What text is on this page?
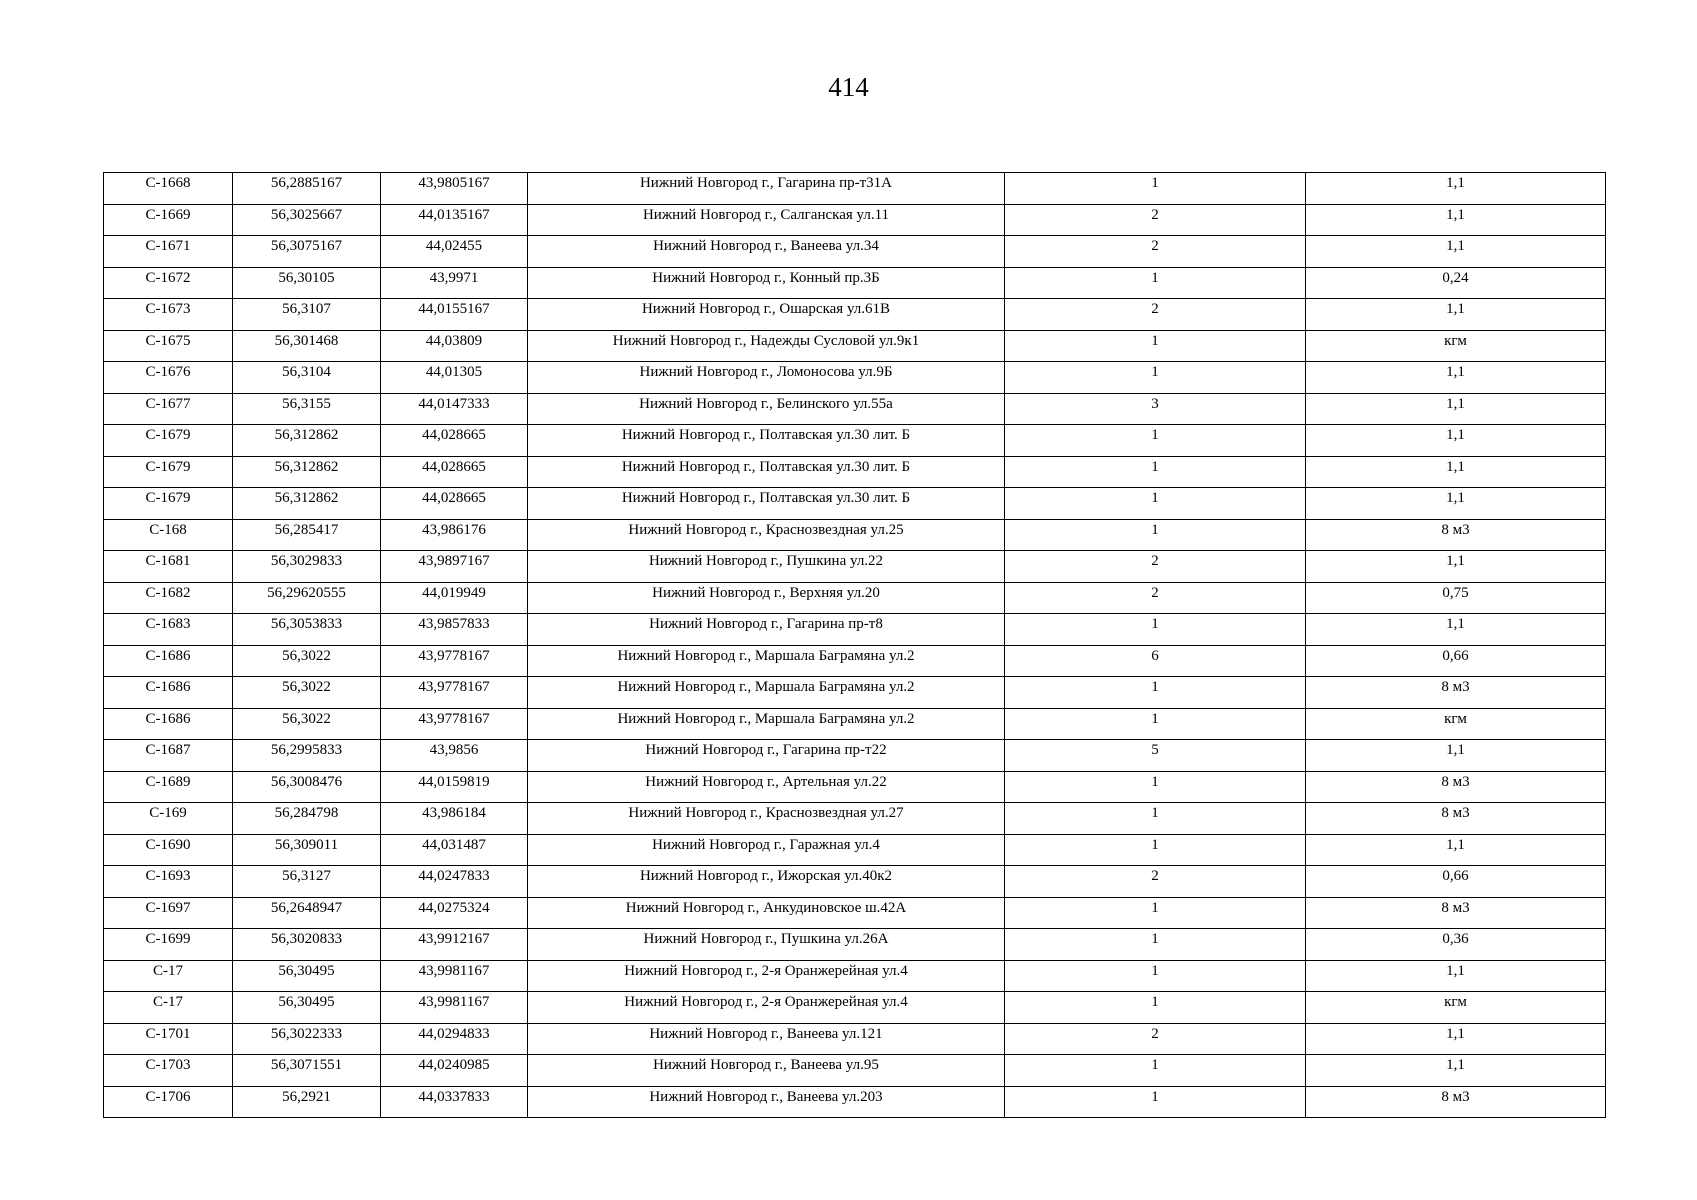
414
С-1668	56,2885167	43,9805167	Нижний Новгород г., Гагарина пр-т31А	1	1,1
С-1669	56,3025667	44,0135167	Нижний Новгород г., Салганская ул.11	2	1,1
С-1671	56,3075167	44,02455	Нижний Новгород г., Ванеева ул.34	2	1,1
С-1672	56,30105	43,9971	Нижний Новгород г., Конный пр.3Б	1	0,24
С-1673	56,3107	44,0155167	Нижний Новгород г., Ошарская ул.61В	2	1,1
С-1675	56,301468	44,03809	Нижний Новгород г., Надежды Сусловой ул.9к1	1	кгм
С-1676	56,3104	44,01305	Нижний Новгород г., Ломоносова ул.9Б	1	1,1
С-1677	56,3155	44,0147333	Нижний Новгород г., Белинского ул.55а	3	1,1
С-1679	56,312862	44,028665	Нижний Новгород г., Полтавская ул.30 лит. Б	1	1,1
С-1679	56,312862	44,028665	Нижний Новгород г., Полтавская ул.30 лит. Б	1	1,1
С-1679	56,312862	44,028665	Нижний Новгород г., Полтавская ул.30 лит. Б	1	1,1
С-168	56,285417	43,986176	Нижний Новгород г., Краснозвездная ул.25	1	8 м3
С-1681	56,3029833	43,9897167	Нижний Новгород г., Пушкина ул.22	2	1,1
С-1682	56,29620555	44,019949	Нижний Новгород г., Верхняя ул.20	2	0,75
С-1683	56,3053833	43,9857833	Нижний Новгород г., Гагарина пр-т8	1	1,1
С-1686	56,3022	43,9778167	Нижний Новгород г., Маршала Баграмяна ул.2	6	0,66
С-1686	56,3022	43,9778167	Нижний Новгород г., Маршала Баграмяна ул.2	1	8 м3
С-1686	56,3022	43,9778167	Нижний Новгород г., Маршала Баграмяна ул.2	1	кгм
С-1687	56,2995833	43,9856	Нижний Новгород г., Гагарина пр-т22	5	1,1
С-1689	56,3008476	44,0159819	Нижний Новгород г., Артельная ул.22	1	8 м3
С-169	56,284798	43,986184	Нижний Новгород г., Краснозвездная ул.27	1	8 м3
С-1690	56,309011	44,031487	Нижний Новгород г., Гаражная ул.4	1	1,1
С-1693	56,3127	44,0247833	Нижний Новгород г., Ижорская ул.40к2	2	0,66
С-1697	56,2648947	44,0275324	Нижний Новгород г., Анкудиновское ш.42А	1	8 м3
С-1699	56,3020833	43,9912167	Нижний Новгород г., Пушкина ул.26А	1	0,36
С-17	56,30495	43,9981167	Нижний Новгород г., 2-я Оранжерейная ул.4	1	1,1
С-17	56,30495	43,9981167	Нижний Новгород г., 2-я Оранжерейная ул.4	1	кгм
С-1701	56,3022333	44,0294833	Нижний Новгород г., Ванеева ул.121	2	1,1
С-1703	56,3071551	44,0240985	Нижний Новгород г., Ванеева ул.95	1	1,1
С-1706	56,2921	44,0337833	Нижний Новгород г., Ванеева ул.203	1	8 м3
